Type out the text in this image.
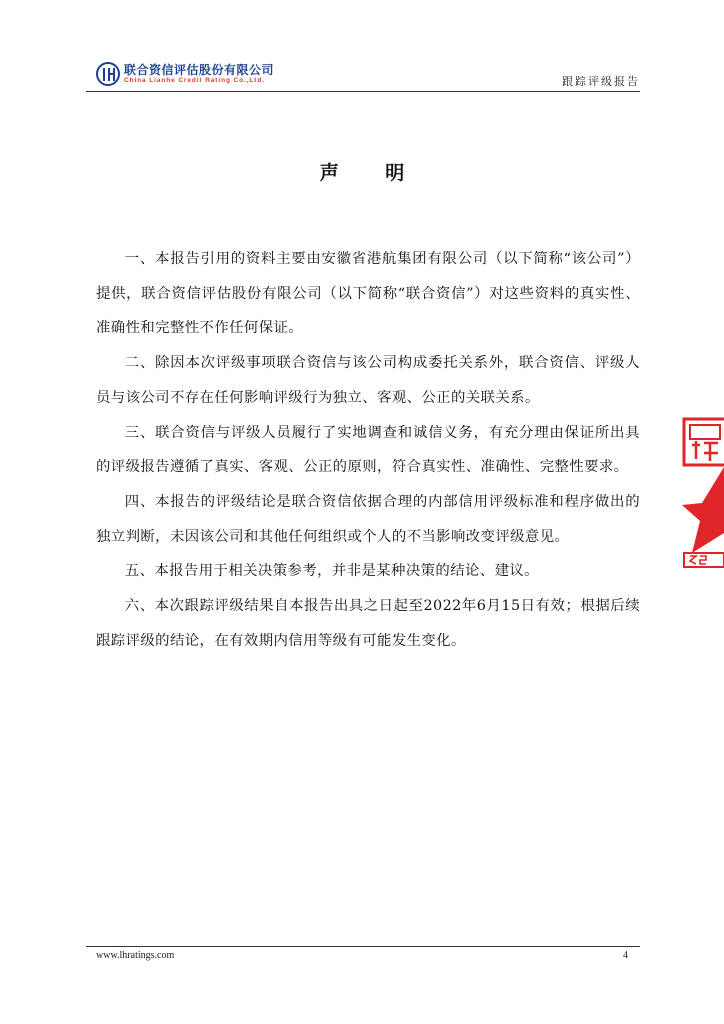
联合资信评估股份有限公司
China Lianhe Credit Rating Co.,Ltd.	跟踪评级报告
声 明

一、本报告引用的资料主要由安徽省港航集团有限公司（以下简称“该公司”）提供，联合资信评估股份有限公司（以下简称“联合资信”）对这些资料的真实性、准确性和完整性不作任何保证。

二、除因本次评级事项联合资信与该公司构成委托关系外，联合资信、评级人员与该公司不存在任何影响评级行为独立、客观、公正的关联关系。

三、联合资信与评级人员履行了实地调查和诚信义务，有充分理由保证所出具的评级报告遵循了真实、客观、公正的原则，符合真实性、准确性、完整性要求。

四、本报告的评级结论是联合资信依据合理的内部信用评级标准和程序做出的独立判断，未因该公司和其他任何组织或个人的不当影响改变评级意见。

五、本报告用于相关决策参考，并非是某种决策的结论、建议。

六、本次跟踪评级结果自本报告出具之日起至2022年6月15日有效；根据后续跟踪评级的结论，在有效期内信用等级有可能发生变化。

www.lhratings.com	4
